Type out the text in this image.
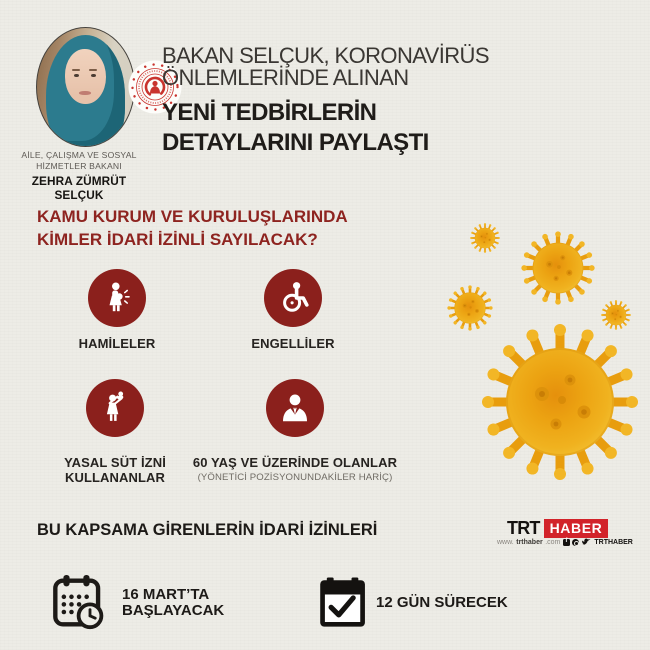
AİLE, ÇALIŞMA VE SOSYAL
HİZMETLER BAKANI
ZEHRA ZÜMRÜT SELÇUK
BAKAN SELÇUK, KORONAVİRÜS
ÖNLEMLERİNDE ALINAN
YENİ TEDBİRLERİN
DETAYLARINI PAYLAŞTI
KAMU KURUM VE KURULUŞLARINDA
KİMLER İDARİ İZİNLİ SAYILACAK?
HAMİLELER	ENGELLİLER
YASAL SÜT İZNİ
KULLANANLAR
60 YAŞ VE ÜZERİNDE OLANLAR
(YÖNETİCİ POZİSYONUNDAKİLER HARİÇ)
BU KAPSAMA GİRENLERİN İDARİ İZİNLERİ	TRT HABER
www. trthaber .com f	TRTHABER
16 MART’TA
BAŞLAYACAK	12 GÜN SÜRECEK
